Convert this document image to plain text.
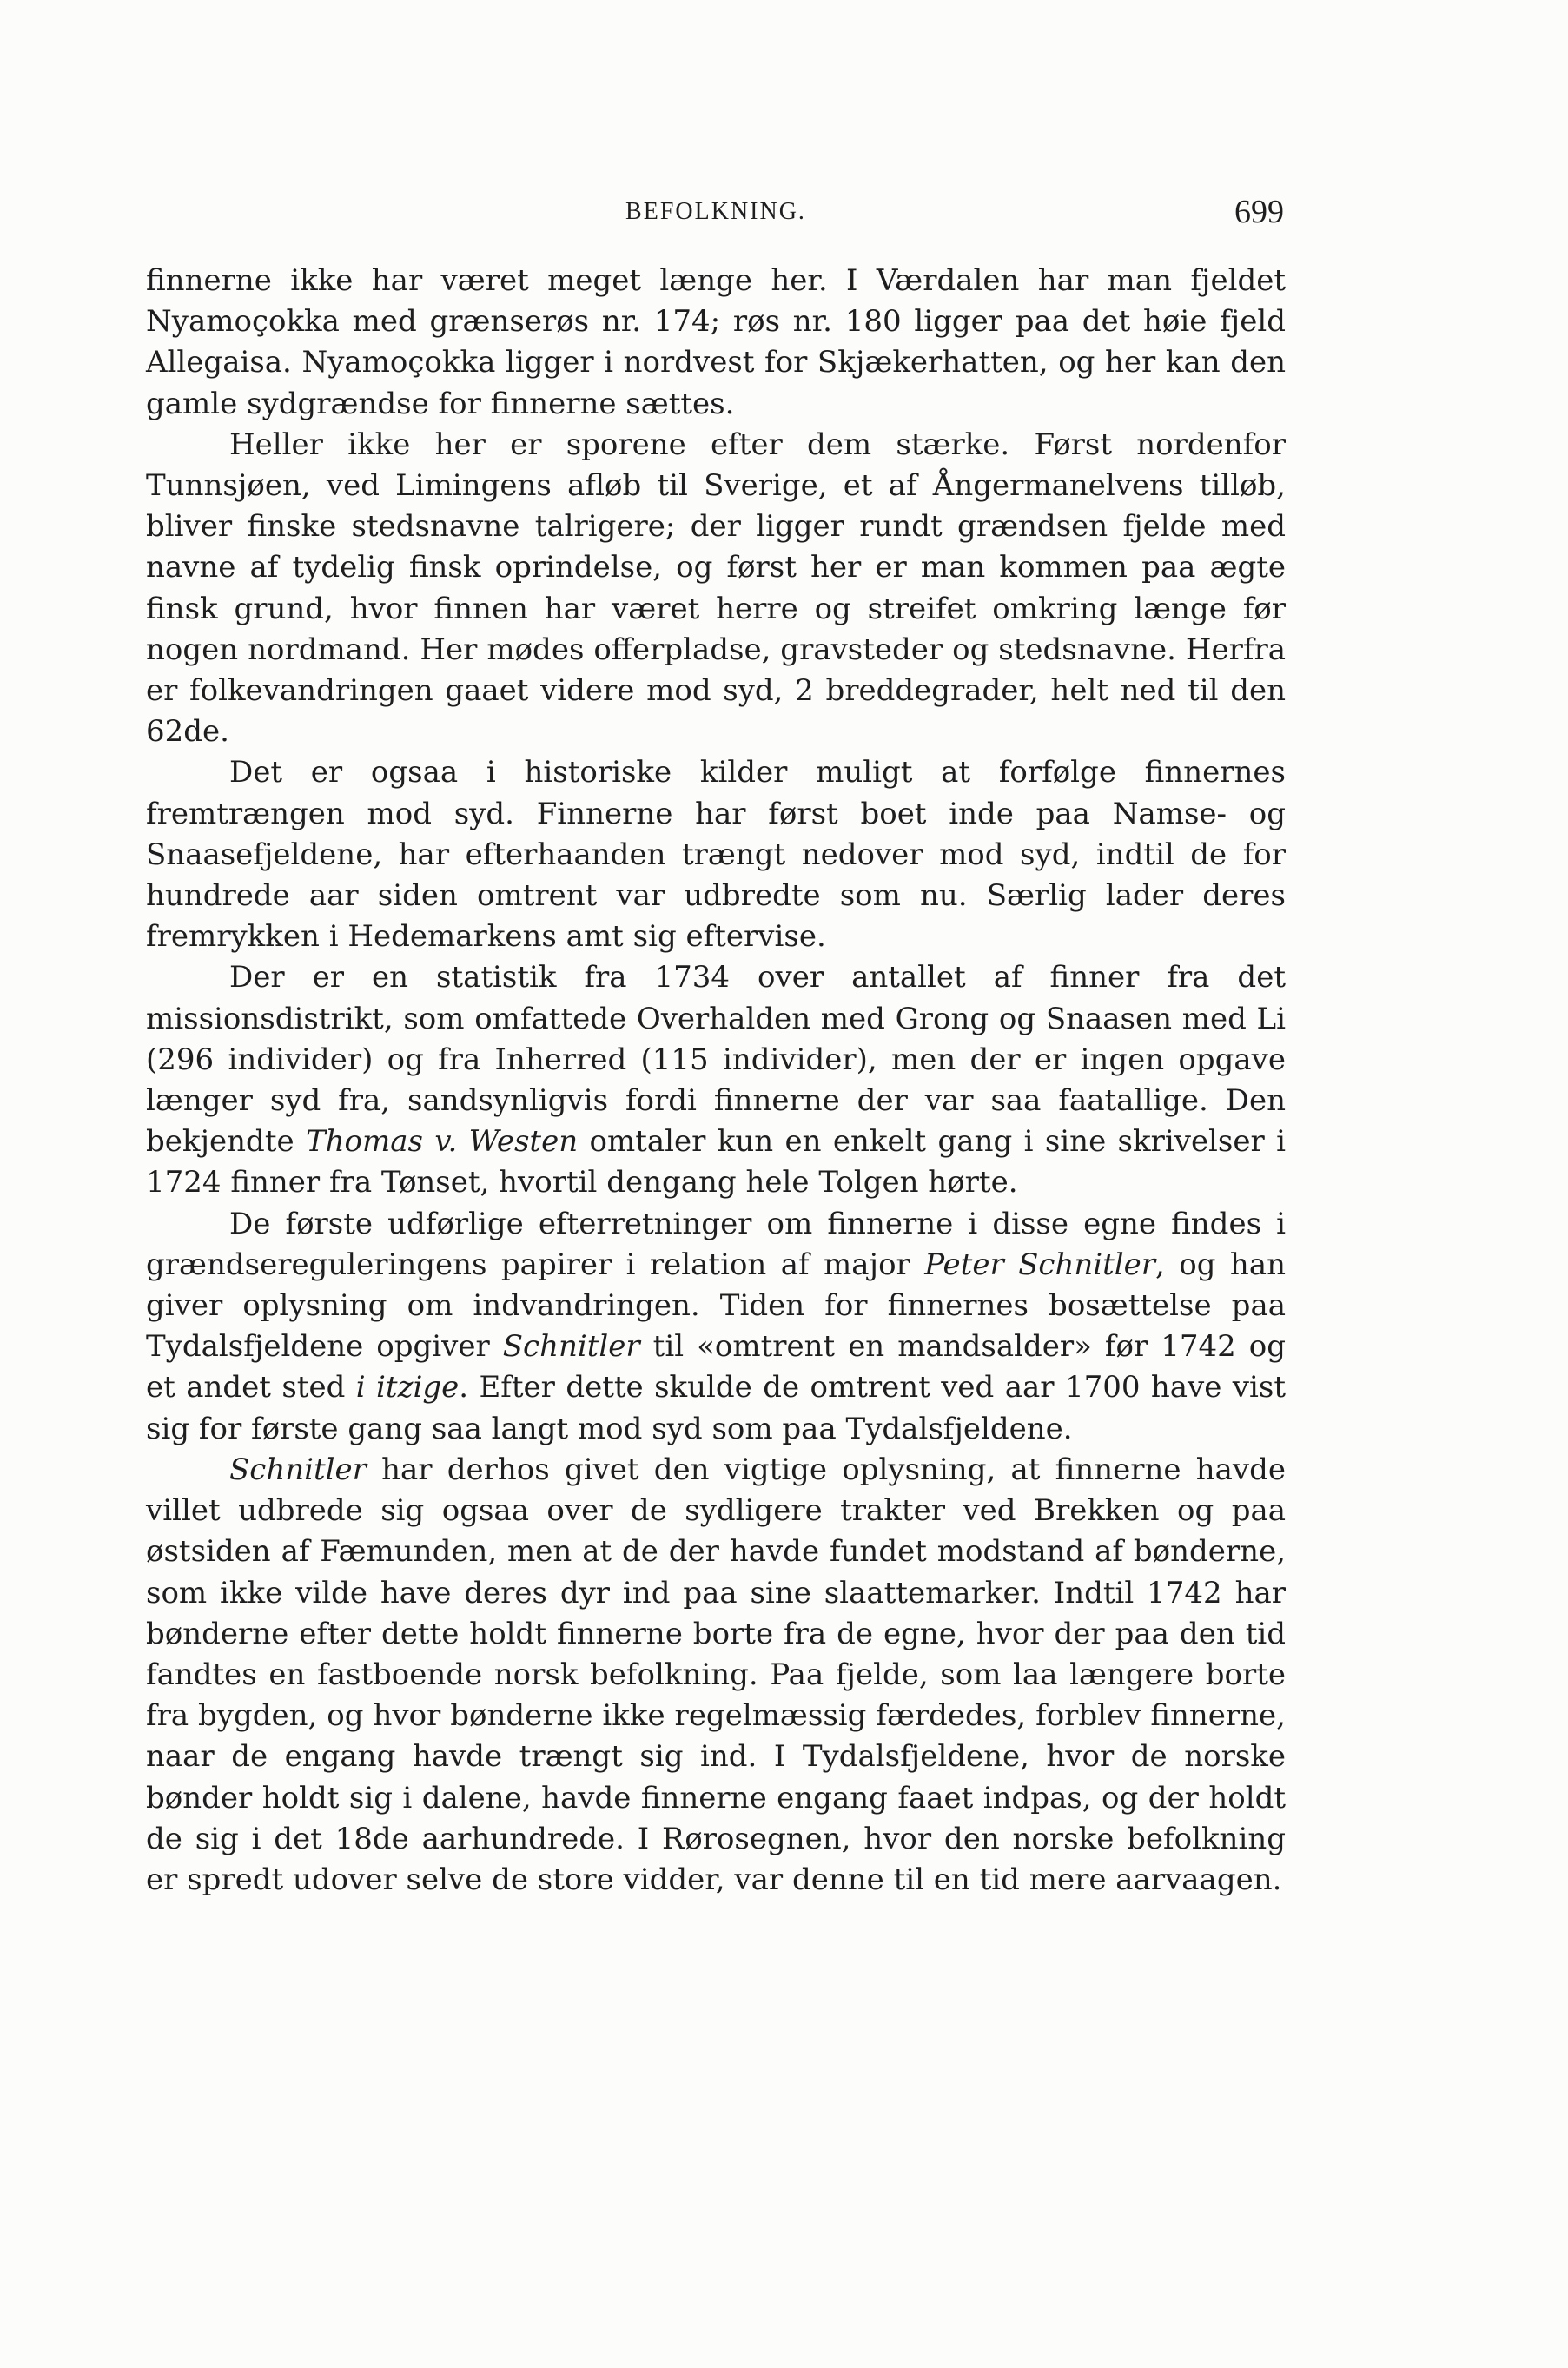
BEFOLKNING.	699

finnerne ikke har været meget længe her. I Værdalen har man fjeldet Nyamoçokka med grænserøs nr. 174; røs nr. 180 ligger paa det høie fjeld Allegaisa. Nyamoçokka ligger i nordvest for Skjækerhatten, og her kan den gamle sydgrændse for finnerne sættes.

Heller ikke her er sporene efter dem stærke. Først nordenfor Tunnsjøen, ved Limingens afløb til Sverige, et af Ångermanelvens tilløb, bliver finske stedsnavne talrigere; der ligger rundt grændsen fjelde med navne af tydelig finsk oprindelse, og først her er man kommen paa ægte finsk grund, hvor finnen har været herre og streifet omkring længe før nogen nordmand. Her mødes offerpladse, gravsteder og stedsnavne. Herfra er folkevandringen gaaet videre mod syd, 2 breddegrader, helt ned til den 62de.

Det er ogsaa i historiske kilder muligt at forfølge finnernes fremtrængen mod syd. Finnerne har først boet inde paa Namse- og Snaasefjeldene, har efterhaanden trængt nedover mod syd, indtil de for hundrede aar siden omtrent var udbredte som nu. Særlig lader deres fremrykken i Hedemarkens amt sig eftervise.

Der er en statistik fra 1734 over antallet af finner fra det missionsdistrikt, som omfattede Overhalden med Grong og Snaasen med Li (296 individer) og fra Inherred (115 individer), men der er ingen opgave længer syd fra, sandsynligvis fordi finnerne der var saa faatallige. Den bekjendte Thomas v. Westen omtaler kun en enkelt gang i sine skrivelser i 1724 finner fra Tønset, hvortil dengang hele Tolgen hørte.

De første udførlige efterretninger om finnerne i disse egne findes i grændsereguleringens papirer i relation af major Peter Schnitler, og han giver oplysning om indvandringen. Tiden for finnernes bosættelse paa Tydalsfjeldene opgiver Schnitler til «omtrent en mandsalder» før 1742 og et andet sted i itzige. Efter dette skulde de omtrent ved aar 1700 have vist sig for første gang saa langt mod syd som paa Tydalsfjeldene.

Schnitler har derhos givet den vigtige oplysning, at finnerne havde villet udbrede sig ogsaa over de sydligere trakter ved Brekken og paa østsiden af Fæmunden, men at de der havde fundet modstand af bønderne, som ikke vilde have deres dyr ind paa sine slaattemarker. Indtil 1742 har bønderne efter dette holdt finnerne borte fra de egne, hvor der paa den tid fandtes en fastboende norsk befolkning. Paa fjelde, som laa længere borte fra bygden, og hvor bønderne ikke regelmæssig færdedes, forblev finnerne, naar de engang havde trængt sig ind. I Tydalsfjeldene, hvor de norske bønder holdt sig i dalene, havde finnerne engang faaet indpas, og der holdt de sig i det 18de aarhundrede. I Rørosegnen, hvor den norske befolkning er spredt udover selve de store vidder, var denne til en tid mere aarvaagen.
